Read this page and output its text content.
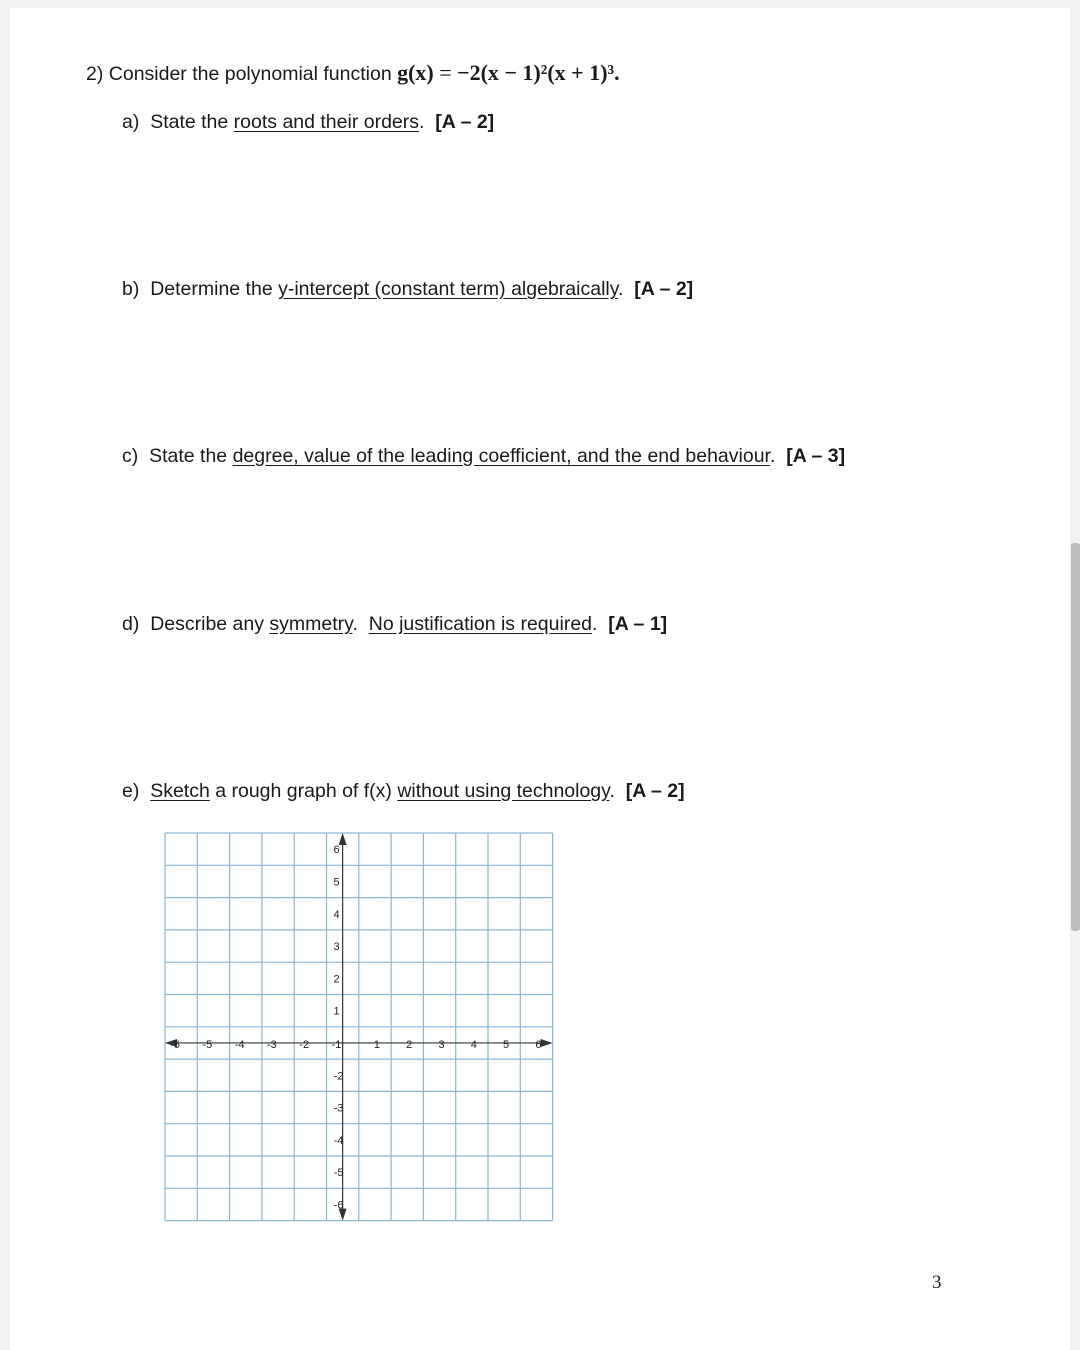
2) Consider the polynomial function g(x) = −2(x − 1)²(x + 1)³.
a) State the roots and their orders. [A – 2]
b) Determine the y-intercept (constant term) algebraically. [A – 2]
c) State the degree, value of the leading coefficient, and the end behaviour. [A – 3]
d) Describe any symmetry. No justification is required. [A – 1]
e) Sketch a rough graph of f(x) without using technology. [A – 2]
-6 -5 -4 -3 -2 -1	1 2 3 4 5 6
6
5
4
3
2
1
-2
-3
-4
-5
-6
3
